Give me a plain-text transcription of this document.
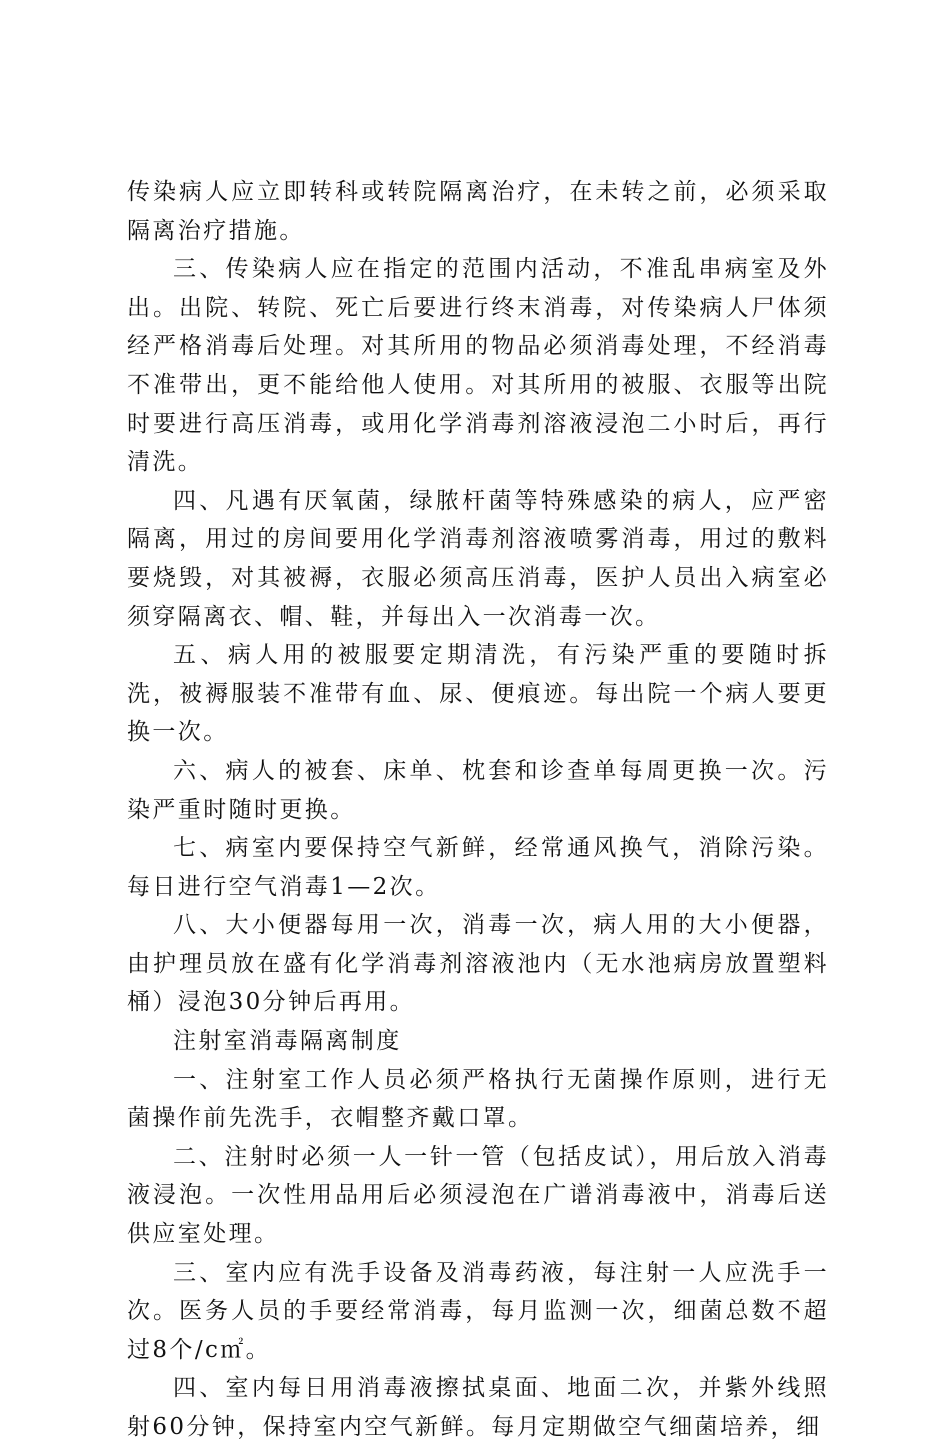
传染病人应立即转科或转院隔离治疗，在未转之前，必须采取隔离治疗措施。

三、传染病人应在指定的范围内活动，不准乱串病室及外出。出院、转院、死亡后要进行终末消毒，对传染病人尸体须经严格消毒后处理。对其所用的物品必须消毒处理，不经消毒不准带出，更不能给他人使用。对其所用的被服、衣服等出院时要进行高压消毒，或用化学消毒剂溶液浸泡二小时后，再行清洗。

四、凡遇有厌氧菌，绿脓杆菌等特殊感染的病人，应严密隔离，用过的房间要用化学消毒剂溶液喷雾消毒，用过的敷料要烧毁，对其被褥，衣服必须高压消毒，医护人员出入病室必须穿隔离衣、帽、鞋，并每出入一次消毒一次。

五、病人用的被服要定期清洗，有污染严重的要随时拆洗，被褥服装不准带有血、尿、便痕迹。每出院一个病人要更换一次。

六、病人的被套、床单、枕套和诊查单每周更换一次。污染严重时随时更换。

七、病室内要保持空气新鲜，经常通风换气，消除污染。每日进行空气消毒1—2次。

八、大小便器每用一次，消毒一次，病人用的大小便器，由护理员放在盛有化学消毒剂溶液池内（无水池病房放置塑料桶）浸泡30分钟后再用。

注射室消毒隔离制度

一、注射室工作人员必须严格执行无菌操作原则，进行无菌操作前先洗手，衣帽整齐戴口罩。

二、注射时必须一人一针一管（包括皮试），用后放入消毒液浸泡。一次性用品用后必须浸泡在广谱消毒液中，消毒后送供应室处理。

三、室内应有洗手设备及消毒药液，每注射一人应洗手一次。医务人员的手要经常消毒，每月监测一次，细菌总数不超过8个/c㎡。

四、室内每日用消毒液擦拭桌面、地面二次，并紫外线照射60分钟，保持室内空气新鲜。每月定期做空气细菌培养，细
